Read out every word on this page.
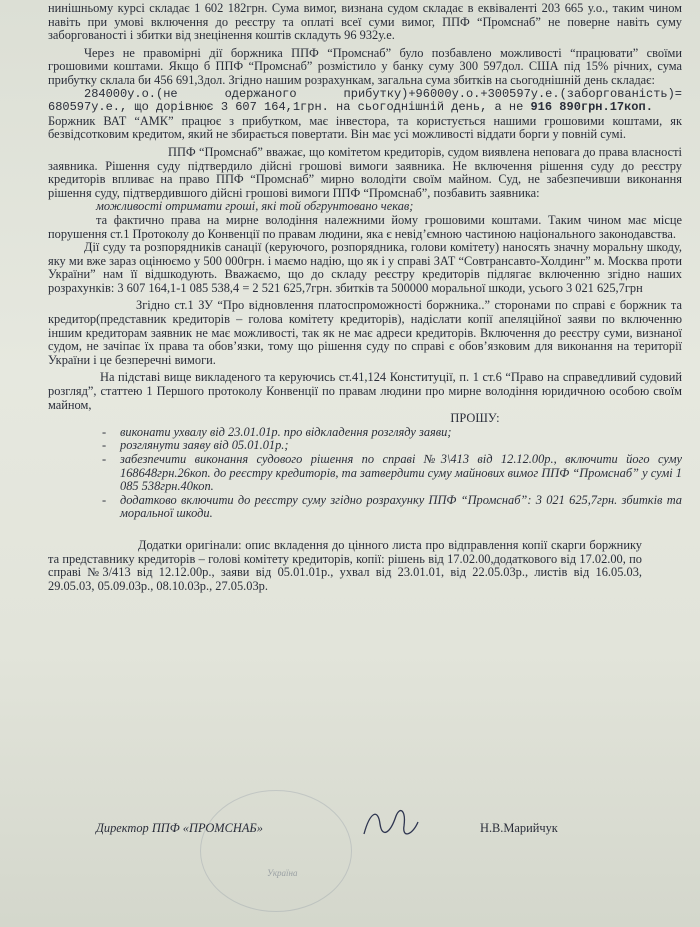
нинішньому курсі складає 1 602 182грн. Сума вимог, визнана судом складає в еквіваленті 203 665 у.о., таким чином навіть при умові включення до реєстру та оплаті всеї суми вимог, ППФ “Промснаб” не поверне навіть суму заборгованості і збитки від знецінення коштів складуть 96 932у.е.

Через не правомірні дії боржника ППФ “Промснаб” було позбавлено можливості “працювати” своїми грошовими коштами. Якщо б ППФ “Промснаб” розмістило у банку суму 300 597дол. США під 15% річних, сума прибутку склала би 456 691,3дол. Згідно нашим розрахункам, загальна сума збитків на сьогоднішній день складає:

284000у.о.(не одержаного прибутку)+96000у.о.+300597у.е.(заборгованість)= 680597у.е., що дорівнює 3 607 164,1грн. на сьогоднішній день, а не 916 890грн.17коп.

Боржник ВАТ “АМК” працює з прибутком, має інвестора, та користується нашими грошовими коштами, як безвідсотковим кредитом, який не збирається повертати. Він має усі можливості віддати борги у повній сумі.

ППФ “Промснаб” вважає, що комітетом кредиторів, судом виявлена неповага до права власності заявника. Рішення суду підтвердило дійсні грошові вимоги заявника. Не включення рішення суду до реєстру кредиторів впливає на право ППФ “Промснаб” мирно володіти своїм майном. Суд, не забезпечивши виконання рішення суду, підтвердившого дійсні грошові вимоги ППФ “Промснаб”, позбавить заявника:

можливості отримати гроші, які той обгрунтовано чекав;

та фактично права на мирне володіння належними йому грошовими коштами. Таким чином має місце порушення ст.1 Протоколу до Конвенції по правам людини, яка є невід’ємною частиною національного законодавства.

Дії суду та розпорядників санації (керуючого, розпорядника, голови комітету) наносять значну моральну шкоду, яку ми вже зараз оцінюємо у 500 000грн. і маємо надію, що як і у справі ЗАТ “Совтрансавто-Холдинг” м. Москва проти України” нам її відшкодують. Вважаємо, що до складу реєстру кредиторів підлягає включенню згідно наших розрахунків: 3 607 164,1-1 085 538,4 = 2 521 625,7грн. збитків та 500000 моральної шкоди, усього 3 021 625,7грн

Згідно ст.1 ЗУ “Про відновлення платоспроможності боржника..” сторонами по справі є боржник та кредитор(представник кредиторів – голова комітету кредиторів), надіслати копії апеляційної заяви по включенню іншим кредиторам заявник не має можливості, так як не має адреси кредиторів. Включення до реєстру суми, визнаної судом, не зачіпає їх права та обов’язки, тому що рішення суду по справі є обов’язковим для виконання на території України і це безперечні вимоги.

На підставі вище викладеного та керуючись ст.41,124 Конституції, п. 1 ст.6 “Право на справедливий судовий розгляд”, статтею 1 Першого протоколу Конвенції по правам людини про мирне володіння юридичною особою своїм майном,

ПРОШУ:

- виконати ухвалу від 23.01.01р. про відкладення розгляду заяви;
- розглянути заяву від 05.01.01р.;
- забезпечити виконання судового рішення по справі №3\413 від 12.12.00р., включити його суму 168648грн.26коп. до реєстру кредиторів, та затвердити суму майнових вимог ППФ “Промснаб” у сумі 1 085 538грн.40коп.
- додатково включити до реєстру суму згідно розрахунку ППФ “Промснаб”: 3 021 625,7грн. збитків та моральної шкоди.

Додатки оригінали: опис вкладення до цінного листа про відправлення копії скарги боржнику та представнику кредиторів – голові комітету кредиторів, копії: рішень від 17.02.00,додаткового від 17.02.00, по справі №3/413 від 12.12.00р., заяви від 05.01.01р., ухвал від 23.01.01, від 22.05.03р., листів від 16.05.03, 29.05.03, 05.09.03р., 08.10.03р., 27.05.03р.

Україна
Директор ППФ «ПРОМСНАБ»	Н.В.Марийчук
